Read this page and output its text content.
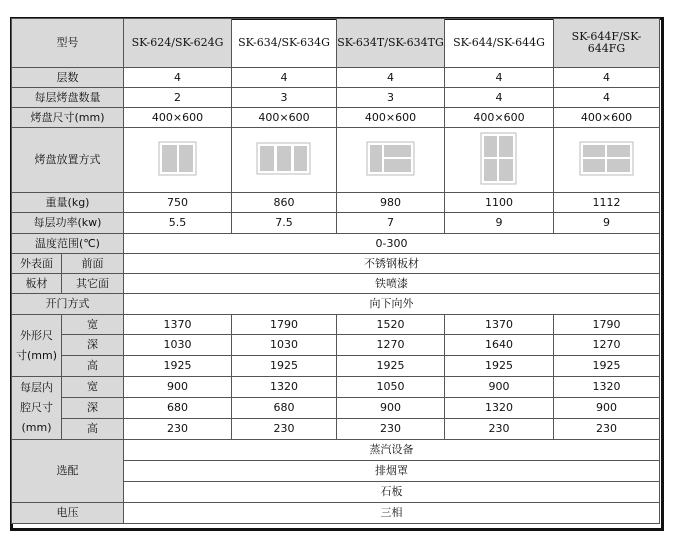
型号		SK-624/SK-624G	SK-634/SK-634G	SK-634T/SK-634TG	SK-644/SK-644G	SK-644F/SK-644FG
层数		4	4	4	4	4
每层烤盘数量		2	3	3	4	4
烤盘尺寸(mm)		400×600	400×600	400×600	400×600	400×600
烤盘放置方式					
重量(kg)		750	860	980	1100	1112
每层功率(kw)		5.5	7.5	7	9	9
温度范围(℃)		0-300				
外表面	前面	不锈钢板材				
板材	其它面	铁喷漆				
开门方式		向下向外				
外形尺
寸(mm)	宽	1370	1790	1520	1370	1790
	深	1030	1030	1270	1640	1270
	高	1925	1925	1925	1925	1925
每层内
腔尺寸
(mm)	宽	900	1320	1050	900	1320
	深	680	680	900	1320	900
	高	230	230	230	230	230
选配		蒸汽设备				
		排烟罩				
		石板				
电压		三相				
